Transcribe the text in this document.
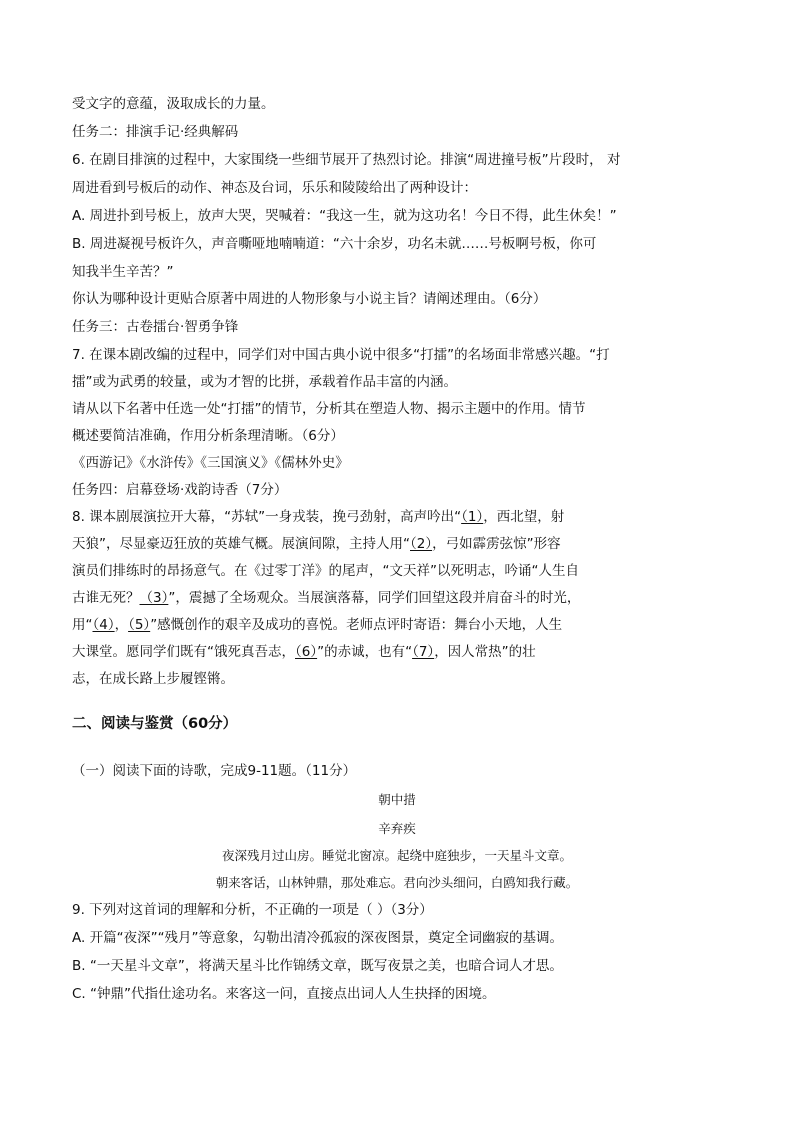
受文字的意蕴，汲取成长的力量。
任务二：排演手记·经典解码
6. 在剧目排演的过程中，大家围绕一些细节展开了热烈讨论。排演“周进撞号板”片段时， 对
周进看到号板后的动作、神态及台词，乐乐和陵陵给出了两种设计：
A. 周进扑到号板上，放声大哭，哭喊着：“我这一生，就为这功名！今日不得，此生休矣！”
B. 周进凝视号板许久，声音嘶哑地喃喃道：“六十余岁，功名未就……号板啊号板，你可
知我半生辛苦？”
你认为哪种设计更贴合原著中周进的人物形象与小说主旨？请阐述理由。（6分）
任务三：古卷擂台·智勇争锋
7. 在课本剧改编的过程中，同学们对中国古典小说中很多“打擂”的名场面非常感兴趣。“打
擂”或为武勇的较量，或为才智的比拼，承载着作品丰富的内涵。
请从以下名著中任选一处“打擂”的情节，分析其在塑造人物、揭示主题中的作用。情节
概述要简洁准确，作用分析条理清晰。（6分）
《西游记》《水浒传》《三国演义》《儒林外史》
任务四：启幕登场·戏韵诗香（7分）
8. 课本剧展演拉开大幕，“苏轼”一身戎装，挽弓劲射，高声吟出“（1），西北望，射
天狼”，尽显豪迈狂放的英雄气概。展演间隙，主持人用“（2），弓如霹雳弦惊”形容
演员们排练时的昂扬意气。在《过零丁洋》的尾声，“文天祥”以死明志，吟诵“人生自
古谁无死？（3）”，震撼了全场观众。当展演落幕，同学们回望这段并肩奋斗的时光，
用“（4），（5）”感慨创作的艰辛及成功的喜悦。老师点评时寄语：舞台小天地，人生
大课堂。愿同学们既有“饿死真吾志，（6）”的赤诚，也有“（7），因人常热”的壮
志，在成长路上步履铿锵。
二、阅读与鉴赏（60分）
（一）阅读下面的诗歌，完成9-11题。（11分）
朝中措
辛弃疾
夜深残月过山房。睡觉北窗凉。起绕中庭独步，一天星斗文章。
朝来客话，山林钟鼎，那处难忘。君向沙头细问，白鸥知我行藏。
9. 下列对这首词的理解和分析，不正确的一项是（ ）（3分）
A. 开篇“夜深”“残月”等意象，勾勒出清冷孤寂的深夜图景，奠定全词幽寂的基调。
B. “一天星斗文章”，将满天星斗比作锦绣文章，既写夜景之美，也暗合词人才思。
C. “钟鼎”代指仕途功名。来客这一问，直接点出词人人生抉择的困境。
